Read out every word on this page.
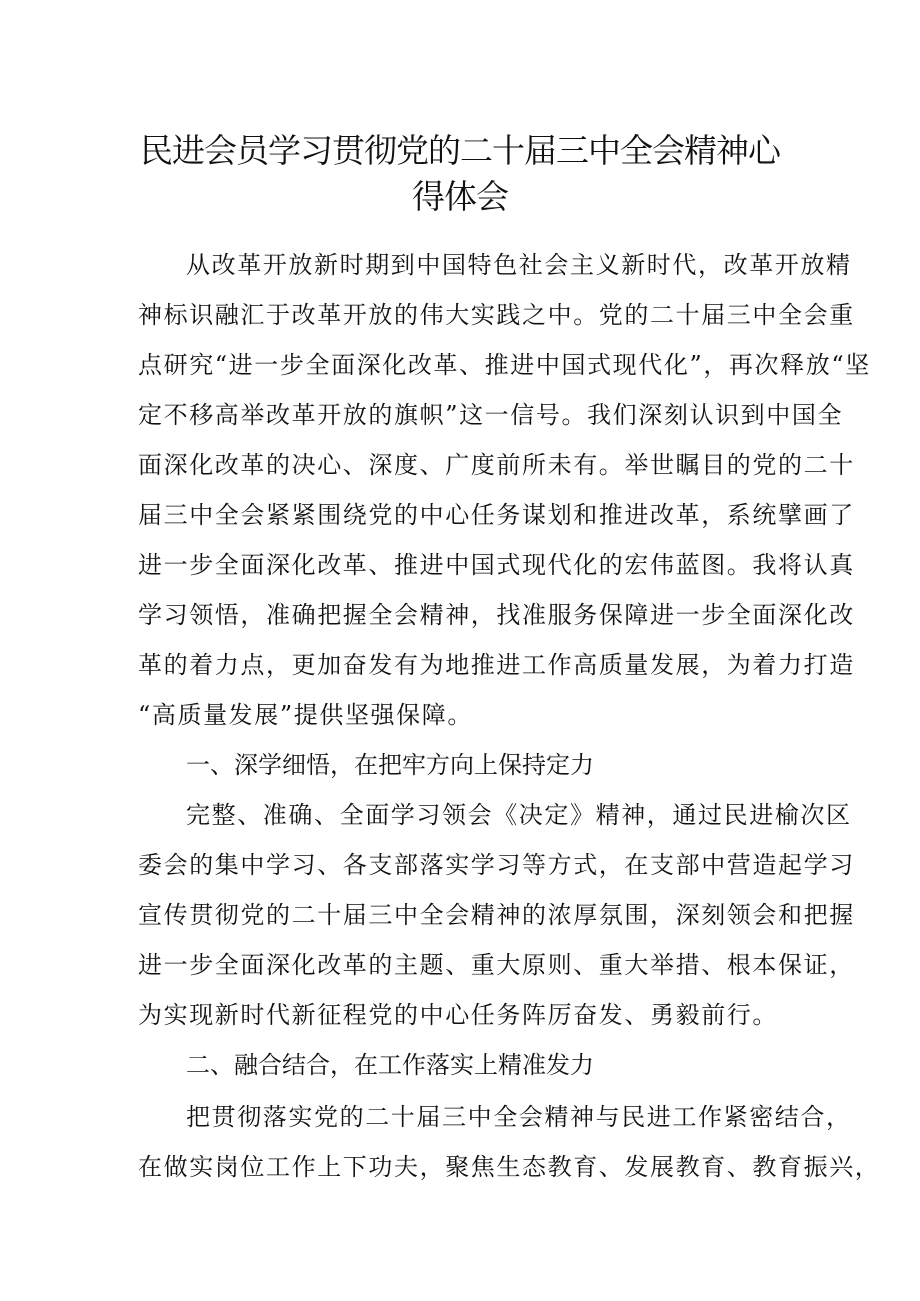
民进会员学习贯彻党的二十届三中全会精神心
得体会
从改革开放新时期到中国特色社会主义新时代，改革开放精
神标识融汇于改革开放的伟大实践之中。党的二十届三中全会重
点研究“进一步全面深化改革、推进中国式现代化”，再次释放“坚
定不移高举改革开放的旗帜”这一信号。我们深刻认识到中国全
面深化改革的决心、深度、广度前所未有。举世瞩目的党的二十
届三中全会紧紧围绕党的中心任务谋划和推进改革，系统擘画了
进一步全面深化改革、推进中国式现代化的宏伟蓝图。我将认真
学习领悟，准确把握全会精神，找准服务保障进一步全面深化改
革的着力点，更加奋发有为地推进工作高质量发展，为着力打造
“高质量发展”提供坚强保障。
一、深学细悟，在把牢方向上保持定力
完整、准确、全面学习领会《决定》精神，通过民进榆次区
委会的集中学习、各支部落实学习等方式，在支部中营造起学习
宣传贯彻党的二十届三中全会精神的浓厚氛围，深刻领会和把握
进一步全面深化改革的主题、重大原则、重大举措、根本保证，
为实现新时代新征程党的中心任务阵厉奋发、勇毅前行。
二、融合结合，在工作落实上精准发力
把贯彻落实党的二十届三中全会精神与民进工作紧密结合，
在做实岗位工作上下功夫，聚焦生态教育、发展教育、教育振兴，
